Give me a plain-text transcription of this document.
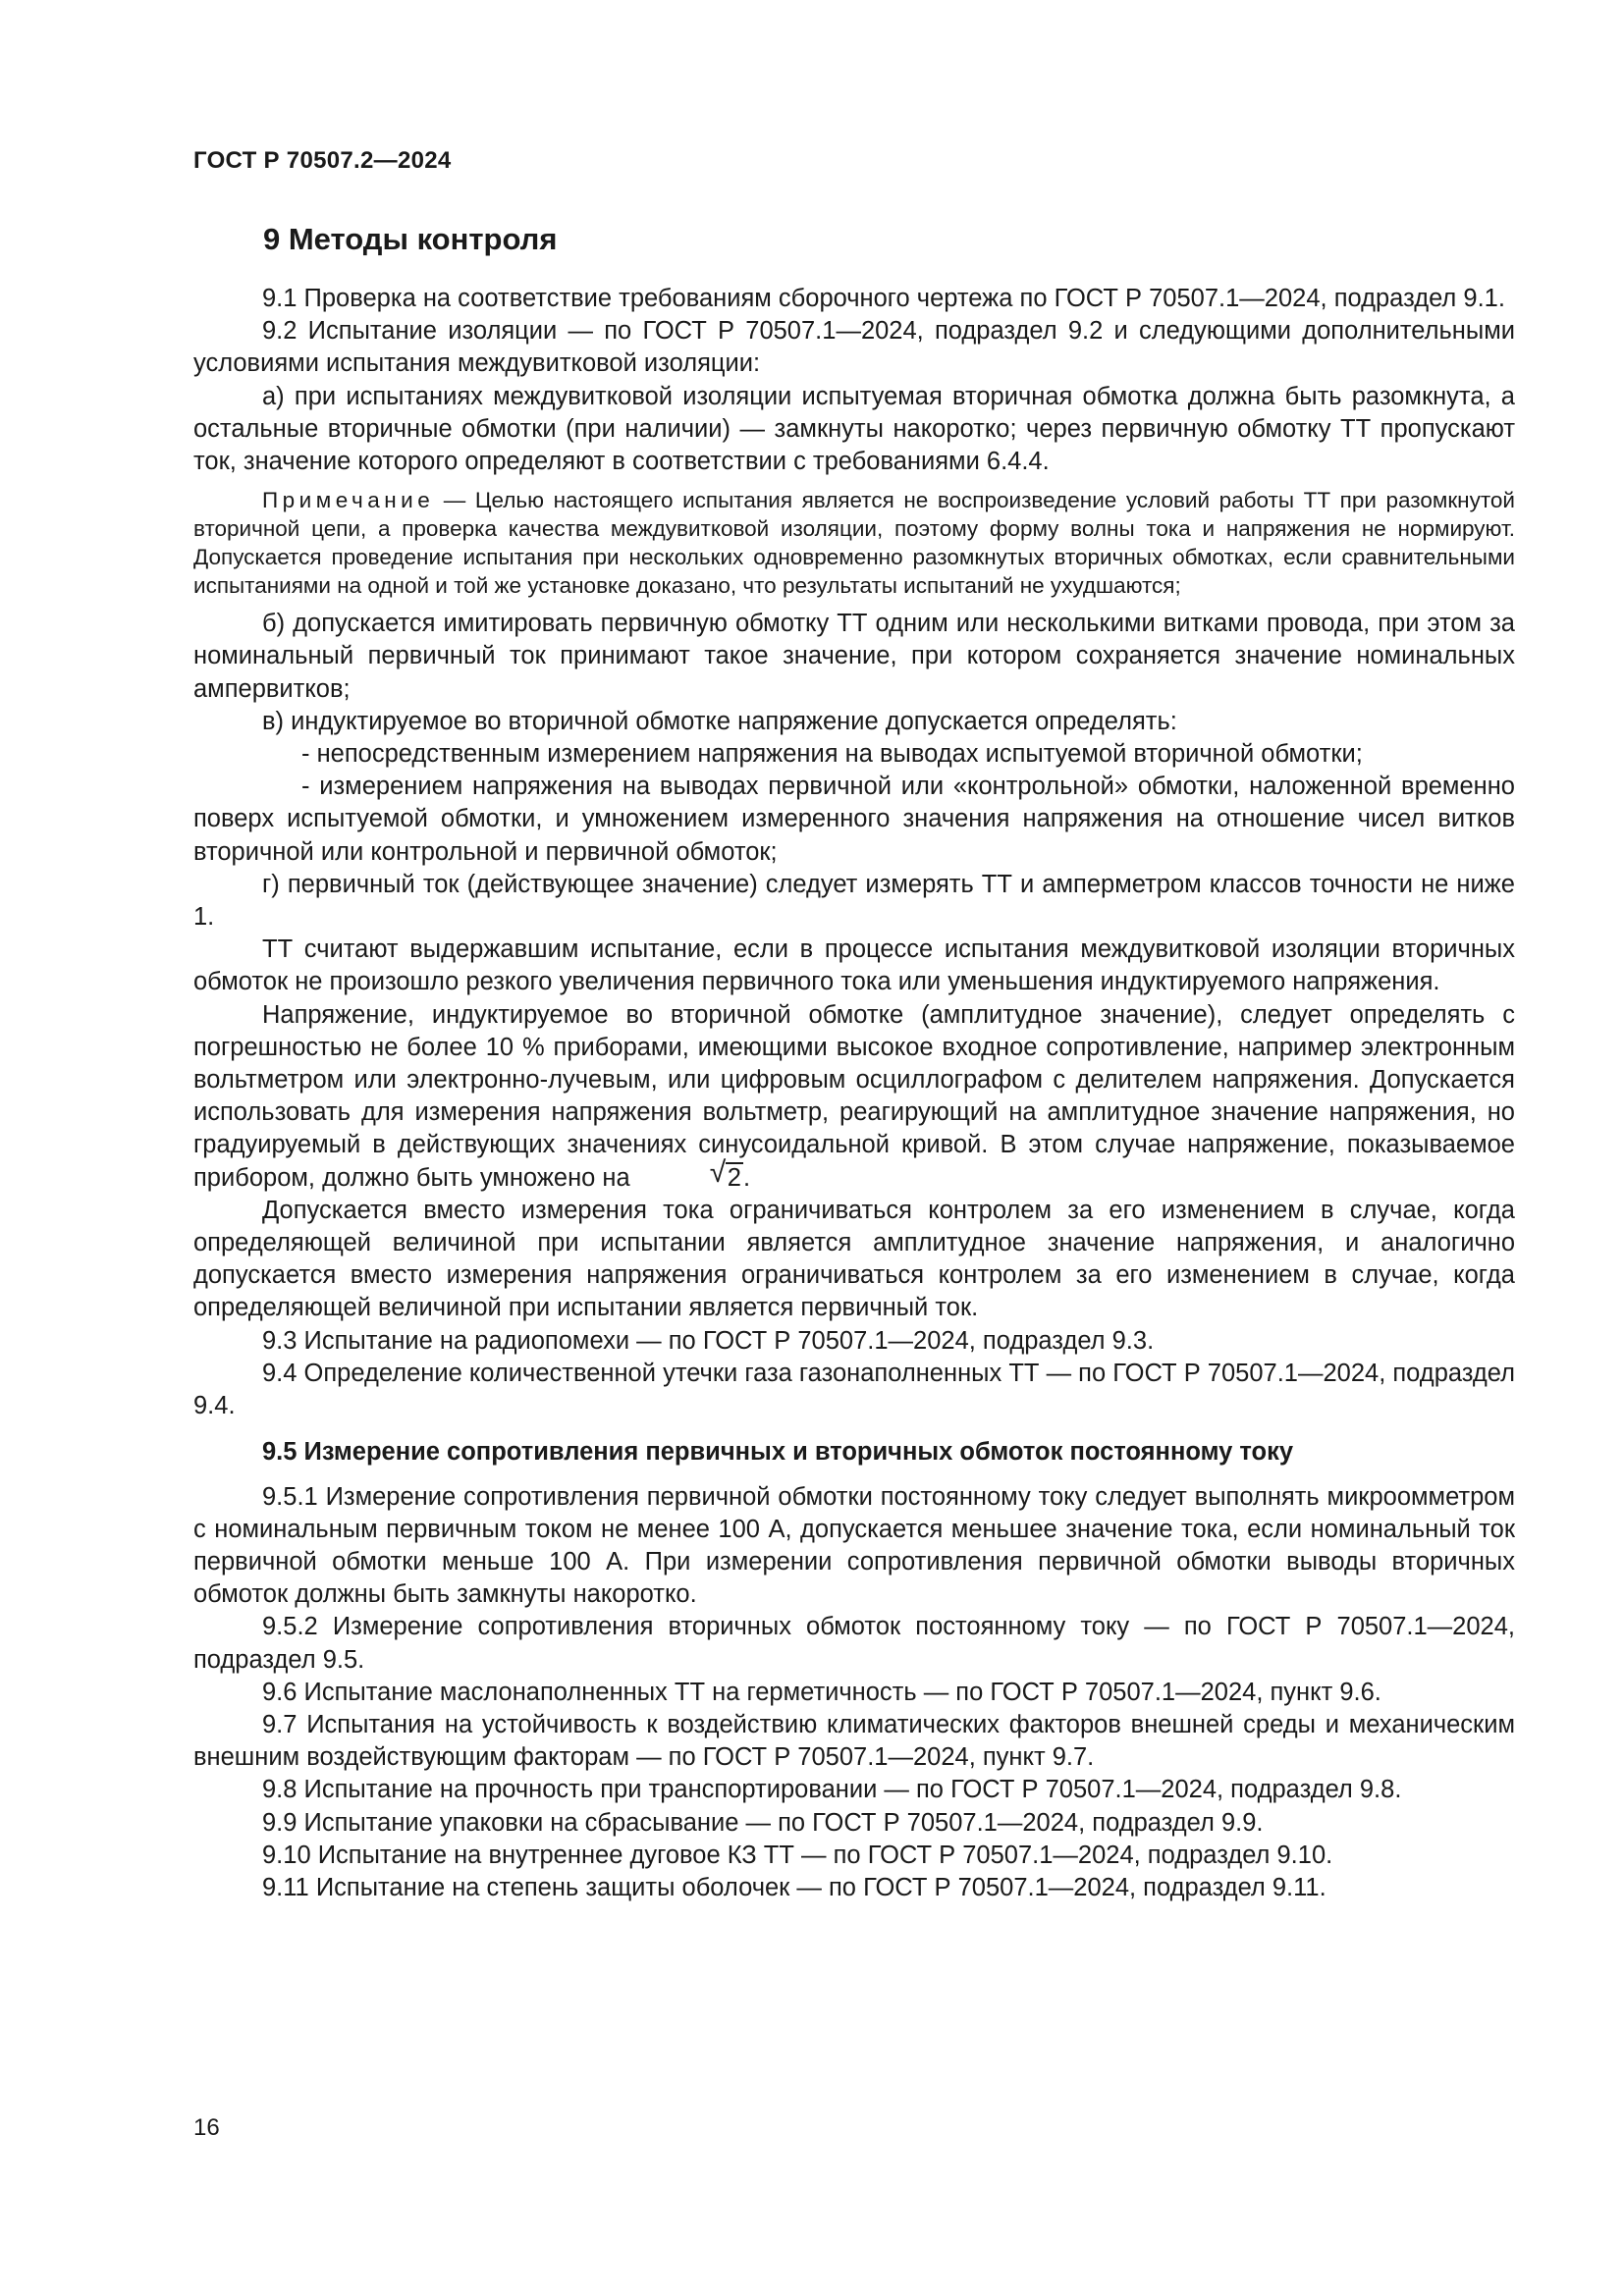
ГОСТ Р 70507.2—2024
9 Методы контроля

9.1 Проверка на соответствие требованиям сборочного чертежа по ГОСТ Р 70507.1—2024, подраздел 9.1.

9.2 Испытание изоляции — по ГОСТ Р 70507.1—2024, подраздел 9.2 и следующими дополнительными условиями испытания междувитковой изоляции:

а) при испытаниях междувитковой изоляции испытуемая вторичная обмотка должна быть разомкнута, а остальные вторичные обмотки (при наличии) — замкнуты накоротко; через первичную обмотку ТТ пропускают ток, значение которого определяют в соответствии с требованиями 6.4.4.

Примечание — Целью настоящего испытания является не воспроизведение условий работы ТТ при разомкнутой вторичной цепи, а проверка качества междувитковой изоляции, поэтому форму волны тока и напряжения не нормируют. Допускается проведение испытания при нескольких одновременно разомкнутых вторичных обмотках, если сравнительными испытаниями на одной и той же установке доказано, что результаты испытаний не ухудшаются;

б) допускается имитировать первичную обмотку ТТ одним или несколькими витками провода, при этом за номинальный первичный ток принимают такое значение, при котором сохраняется значение номинальных ампервитков;

в) индуктируемое во вторичной обмотке напряжение допускается определять:

- непосредственным измерением напряжения на выводах испытуемой вторичной обмотки;

- измерением напряжения на выводах первичной или «контрольной» обмотки, наложенной временно поверх испытуемой обмотки, и умножением измеренного значения напряжения на отношение чисел витков вторичной или контрольной и первичной обмоток;

г) первичный ток (действующее значение) следует измерять ТТ и амперметром классов точности не ниже 1.

ТТ считают выдержавшим испытание, если в процессе испытания междувитковой изоляции вторичных обмоток не произошло резкого увеличения первичного тока или уменьшения индуктируемого напряжения.

Напряжение, индуктируемое во вторичной обмотке (амплитудное значение), следует определять с погрешностью не более 10 % приборами, имеющими высокое входное сопротивление, например электронным вольтметром или электронно-лучевым, или цифровым осциллографом с делителем напряжения. Допускается использовать для измерения напряжения вольтметр, реагирующий на амплитудное значение напряжения, но градуируемый в действующих значениях синусоидальной кривой. В этом случае напряжение, показываемое прибором, должно быть умножено на	√ 2.

Допускается вместо измерения тока ограничиваться контролем за его изменением в случае, когда определяющей величиной при испытании является амплитудное значение напряжения, и аналогично допускается вместо измерения напряжения ограничиваться контролем за его изменением в случае, когда определяющей величиной при испытании является первичный ток.

9.3 Испытание на радиопомехи — по ГОСТ Р 70507.1—2024, подраздел 9.3.

9.4 Определение количественной утечки газа газонаполненных ТТ — по ГОСТ Р 70507.1—2024, подраздел 9.4.

9.5 Измерение сопротивления первичных и вторичных обмоток постоянному току

9.5.1 Измерение сопротивления первичной обмотки постоянному току следует выполнять микроомметром с номинальным первичным током не менее 100 А, допускается меньшее значение тока, если номинальный ток первичной обмотки меньше 100 А. При измерении сопротивления первичной обмотки выводы вторичных обмоток должны быть замкнуты накоротко.

9.5.2 Измерение сопротивления вторичных обмоток постоянному току — по ГОСТ Р 70507.1—2024, подраздел 9.5.

9.6 Испытание маслонаполненных ТТ на герметичность — по ГОСТ Р 70507.1—2024, пункт 9.6.

9.7 Испытания на устойчивость к воздействию климатических факторов внешней среды и механическим внешним воздействующим факторам — по ГОСТ Р 70507.1—2024, пункт 9.7.

9.8 Испытание на прочность при транспортировании — по ГОСТ Р 70507.1—2024, подраздел 9.8.

9.9 Испытание упаковки на сбрасывание — по ГОСТ Р 70507.1—2024, подраздел 9.9.

9.10 Испытание на внутреннее дуговое КЗ ТТ — по ГОСТ Р 70507.1—2024, подраздел 9.10.

9.11 Испытание на степень защиты оболочек — по ГОСТ Р 70507.1—2024, подраздел 9.11.

16
